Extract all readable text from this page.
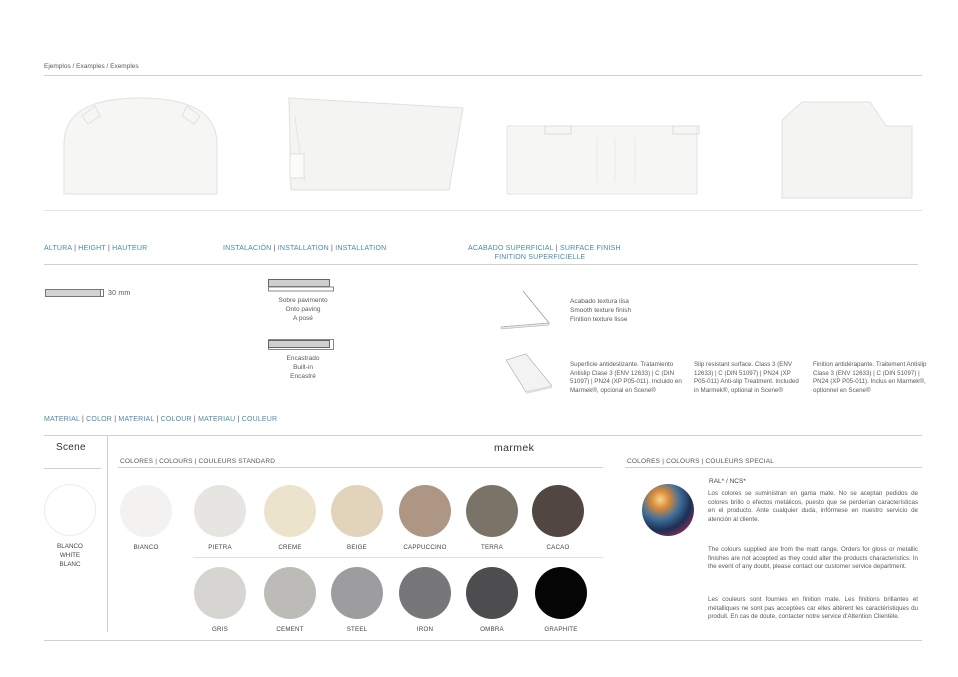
Ejemplos / Examples / Exemples
ALTURA | HEIGHT | HAUTEUR	INSTALACIÓN | INSTALLATION | INSTALLATION	ACABADO SUPERFICIAL | SURFACE FINISH
FINITION SUPERFICIELLE
30 mm
Sobre pavimento
Onto paving
A posé
Encastrado
Built-in
Encastré
Acabado textura lisa
Smooth texture finish
Finition texture lisse
Superficie antideslizante. Tratamiento Antislip Clase 3 (ENV 12633) | C (DIN 51097) | PN24 (XP P05-011). Incluido en Marmek®, opcional en Scene®
Slip resistant surface. Class 3 (ENV 12633) | C (DIN 51097) | PN24 (XP P05-011) Anti-slip Treatment. Included in Marmek®, optional in Scene®
Finition antidérapante. Traitement Antislip Clase 3 (ENV 12633) | C (DIN 51097) | PN24 (XP P05-011). Inclus en Marmek®, optionnel en Scene®
MATERIAL | COLOR | MATERIAL | COLOUR | MATERIAU | COULEUR
Scene	marmek
BLANCO
WHITE
BLANC
COLORES | COLOURS | COULEURS STANDARD
BIANCO	PIETRA	CREME	BEIGE	CAPPUCCINO	TERRA	CACAO
GRIS	CEMENT	STEEL	IRON	OMBRA	GRAPHITE
COLORES | COLOURS | COULEURS SPECIAL
RAL* / NCS*
Los colores se suministran en gama mate. No se aceptan pedidos de colores brillo o efectos metálicos, puesto que se perderían características en el producto. Ante cualquier duda, infórmese en nuestro servicio de atención al cliente.
The colours supplied are from the matt range. Orders for gloss or metallic finishes are not accepted as they could alter the products characteristics. In the event of any doubt, please contact our customer service department.
Les couleurs sont fournies en finition mate. Les finitions brillantes et métalliques ne sont pas acceptées car elles altèrent les caractéristiques du produit. En cas de doute, contacter notre service d'Attention Clientèle.
